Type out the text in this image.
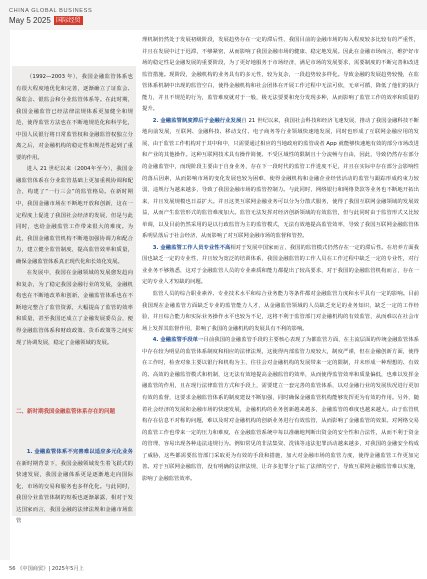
CHINA GLOBAL BUSINESS
May 5 2025 国际经贸

（1992—2003 年），我国金融监管体系也有很大程度地优化和完善，逐渐确立了证监会、保监会、银监会和分业监管体系等。在此时期，我国金融监管已经法律法规体系更加健全和规范，使得监管方法也在不断地规范化和科学化，中国人民银行将日常监管权和金融监管权独立分离之后，对金融机构的稳定性和规范性起到了重要的作用。

进入 21 世纪以来（2004年至今），我国金融监管体系在分业监管基础上更加重视协调和配合，构建了“一行三会”的监管格局。在新时期中，我国金融市场在不断地开放和创新，这在一定程度上促进了我国社会经济的发展，但是与此同时，也给金融监管工作带来很大的难度。为此，我国金融监管机构不断地加强协调力和配合力，建立健全监管制度，提高监管效率和质量，确保金融监管体系真正现代化和长效化发展。

在发展中，我国在金融领域的发展愈发趋向和复杂，为了稳定我国金融行业的发展，金融机构也在不断地改革和创新，金融监管体系也在不断地完整合了监管资源，大幅提高了监管的效率和质量，甚至我国还成立了金融发展委员会，便得金融监管体系和财政政策、货币政策等之间实现了协调发展，稳定了金融领域的发展。

二、新时期我国金融监管体系存在的问题

1. 金融监管体系不完善难以适应多元化业务在新时期背景下，我国金融领域发生着飞跃式的快速发展，我国金融体系更是逐渐地走向国际化，市场的交易和服务也多样化化。与此同时，我国分业监管体制的短板也逐渐暴露，相对于发达国家而言，我国金融的法律法规和金融市场监管

理机制仍然处于发展初级阶段，发展趋势存在一定的滞后性，我国目前的金融市场的每入程度较多比较有的严重性，并且在发展中过于迟滞，不够紧密，从而影响了我国金融市场的健康、稳定地发展。因此在金融市场而言，维护好市场的稳定性是金融发展的重要阶段，为了更好地服务于市场经济，满足市场的发展要求，需要制度的不断完善和改进监管措施。现阶段，金融机构的业务具有的多元性，较为复杂，一段趋势较多样化。导致金融的发展趋势较慢，在监管体系机制中出现的监管空白，使得金融机构和社会团体在开展工作过程中无法可依，无章可循，降低了他们的执行能力，并且不规范的行为，监管难度就对于一般，极无法要要和充分发现多种，从而影响了监管工作的效率和质量的提升。

2. 金融监管制度滞后于金融行业发展自 21 世纪以来，我国社会科技和经济飞速发展，推动了我国金融科技不断地向前发展，互联网、金融科技、移动支付、电子商务等行业领域快速地发展，同时也形成了互联网金融应用的发展，由于监管工作机构对于其中和中，只需要通过相应的当地政府的监管或者 App 就能够快速地有效的部分市场改进和产业的其他操作。这种互联网技术具有操作简便、不受区域性的限制且十分流畅与自由，因此，导致仍然存在部分的金融监管中，而现阶段主要由于自身业务，存在下一段时代的监管工作进度不足，并且在实际中存在部分会影响性的落后因素，从而影响市场的变化发展也较为困难，使得金融机构和金融企业经营活动的监管与跟踪形成约束力较弱，违规行为越来越多，导致了我国金融市场的监管控制力。与此同时，网络银行和网络贷款等业务也不断地开拓出来，并且发展规模也日益扩大。并且这类互联网金融业务可以分为分散式服务，使得了我国互联网金融领域的发展效益，从而产生监管形式的监管难度加大。监管无法发挥对经济创新领域的有效监管，但与此同时由于监管形式又比较单调，以及目前仍然采用的是以行政监管为主的监管模式，无法有效地提高监管效率，导致了我国互联网金融监管体系明显落后于社会经济，从而影响了对互联网金融市场的监督和管控。

3. 金融监管工作人员专业性不高相对于发展中国家而言，我国的监管模式仍然存在一定的滞后性。在培养方面我国也缺乏一定的专业性，并且较为宽泛的培训体系，我国金融监管的工作人员在工作过程中缺乏一定的专业性，对行业业务不够熟悉，这对于金融监管人员的专业素质和能力都提出了较高要求，对于我国的金融监管机构而言，存在一定的专业人才短缺的问题。

监管人员的综合职业素养、专业技术水平和综合业务能力等条件都对金融监管力度和水平具有一定的影响。目前我国现在金融监管方面缺乏专业的监管能力人才，从金融监管领域的人员缺乏充足的业务知识，缺乏一定的工作经验，并且综合能力和实际业务操作水平也较为不足，这将不利于监管部门对金融机构的有效监管，从而难以在社会市场上发挥其监督作用，影响了我国的金融机构的发展具有不利的影响。

4. 金融监管手段单一目前我国的金融监管手段的主要核心表现了为都监管方面，在主流层面的传统金融监管体系中存在较为明显的监管体系制度和相应的法律法规，这使得内部监管力度较大，制度严谨，但在金融创新方面，使得在工作时，检查对象主要以银行和机构为主，往往会对金融机构的发展带来一定的限制，并未形成一种理想的、有效的、高效的金融监管模式和机制，这无法有效地提高金融监管的效率，从而使得监管效率和质量偏低，也难以发挥金融监管的作用，且在现行法律监管方式和手段上，需要建立一套完善的监管体系，以对金融行业的发展状况进行更加有效的监督，这要求金融监管体系的制度建设不断加强，同时确保金融监管机构能够发挥更为有效的作用。另外，随着社会经济的发展和金融市场的快速发展，金融机构的业务创新越来越多，金融监管的难度也越来越大。由于监管机构存在信息不对称的问题，难以及时对金融机构的创新业务进行有效监管，从而影响了金融监管的效果。对网络交易的监管工作也带来一定的压力和难度，在金融监管系统中每以准确地判断出资金的安全性和合法性，从而不利于资金的管理，容易出现各种违法违规行为。例如常见的非法集资、洗钱等违法犯罪活动越来越多，对我国的金融安全构成了威胁，这些都需要监管部门采取更为有效的手段和措施，加大对金融市场的监管力度，使得金融监管工作更加完善。对于互联网金融监管，没有明确的法律法规，让许多犯罪分子钻了法律的空子，导致互联网金融监管难以实施，影响了金融监管效率。

56 《中国商贸》| 2025年5月上
